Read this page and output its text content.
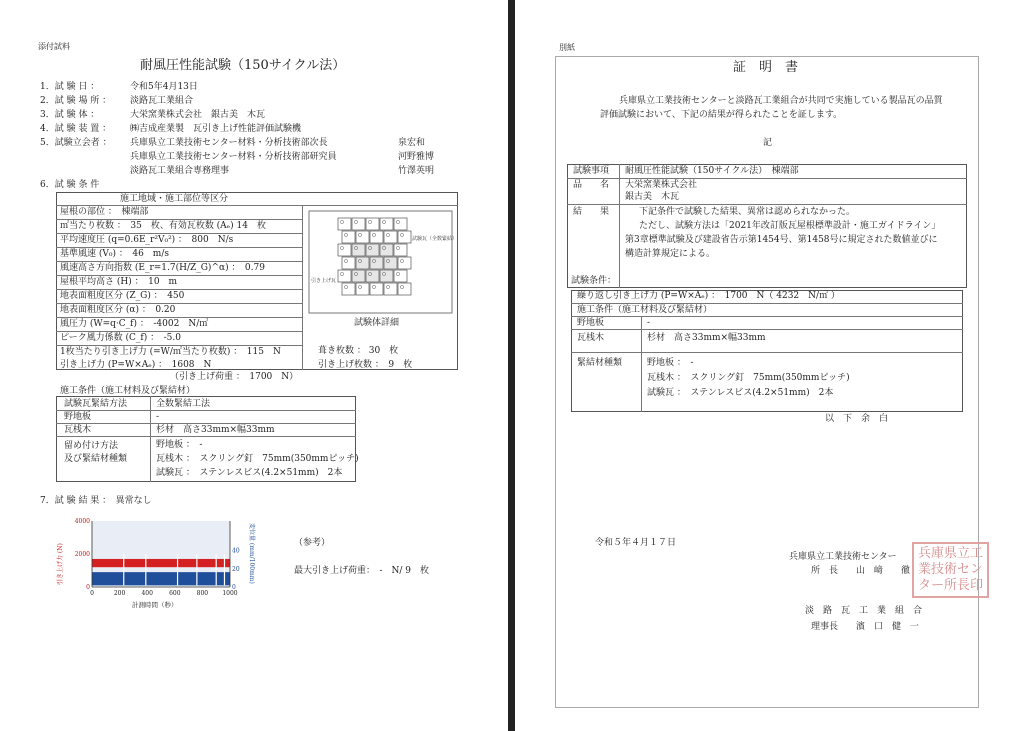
添付試料
耐風圧性能試験（150サイクル法）
1．試 験 日 ：	令和5年4月13日
2．試 験 場 所 ： 淡路瓦工業組合
3．試 験 体 ：	大栄窯業株式会社　銀古美　木瓦
4．試 験 装 置 ： ㈱吉成産業製　瓦引き上げ性能評価試験機
5．試験立会者 ： 兵庫県立工業技術センター材料・分析技術部次長	泉宏和
兵庫県立工業技術センター材料・分析技術部研究員	河野雅博
淡路瓦工業組合専務理事	竹澤英明
6．試 験 条 件
施工地域・施工部位等区分
屋根の部位 ：　棟端部
㎡当たり枚数 ：　35　枚、有効瓦枚数 (Aₑ) 14　枚
平均速度圧 (q=0.6E_r²V₀²) ：　800　N/s
基準風速 (V₀) ：　46　m/s
風速高さ方向指数 (E_r=1.7(H/Z_G)^α) ：　0.79
屋根平均高さ (H) ：　10　m
地表面粗度区分 (Z_G) ：　450
地表面粗度区分 (α) ：　0.20
風圧力 (W=q·C_f) ：　-4002　N/㎡
ピーク風力係数 (C_f) ：　-5.0
1枚当たり引き上げ力 (=W/㎡当たり枚数) ：　115　N
引き上げ力 (P=W×Aₑ) ：　1608　N
（引き上げ荷重 ：　1700　N）
葺き枚数 ： 30　枚
引き上げ枚数 ：　9　枚
試験瓦（全数緊結）
引き上げ瓦
試験体詳細
施工条件（施工材料及び緊結材）
試験瓦緊結方法	全数緊結工法
野地板	-
瓦桟木	杉材　高さ33mm×幅33mm
留め付け方法
及び緊結材種類
野地板 ：　-
瓦桟木 ：　スクリング釘　75mm(350mmピッチ)
試験瓦 ：　ステンレスビス(4.2×51mm)　2本
7．試 験 結 果 ：　異常なし
0	200	400	600	800 1000
0
2000
4000
0
20
40
引き上げ力 (N)	変位量 (mm/100mm)
計測時間（秒）
（参考）
最大引き上げ荷重：　-　N/ 9　枚
別紙
証　明　書
兵庫県立工業技術センターと淡路瓦工業組合が共同で実施している製品瓦の品質
評価試験において、下記の結果が得られたことを証します。
記
試験事項 耐風圧性能試験（150サイクル法）　棟端部
品　　名 大栄窯業株式会社
銀古美　木瓦
結　　果	下記条件で試験した結果、異常は認められなかった。
ただし、試験方法は「2021年改訂版瓦屋根標準設計・施工ガイドライン」
第3章標準試験及び建設省告示第1454号、第1458号に規定された数値並びに
構造計算規定による。
試験条件：
繰り返し引き上げ力 (P=W×Aₑ) ：　1700　N（ 4232　N/㎡ ）
施工条件（施工材料及び緊結材）
野地板	-
瓦桟木	杉材　高さ33mm×幅33mm
緊結材種類	野地板 ：　-
瓦桟木 ：　スクリング釘　75mm(350mmピッチ)
試験瓦 ：　ステンレスビス(4.2×51mm)　2本
以　下　余　白
令和５年４月１７日
兵庫県立工業技術センター
所　長　　山　﨑　　徹
兵庫県立工
業技術セン
ター所長印
淡　路　瓦　工　業　組　合
理事長　　濱　口　健　一
